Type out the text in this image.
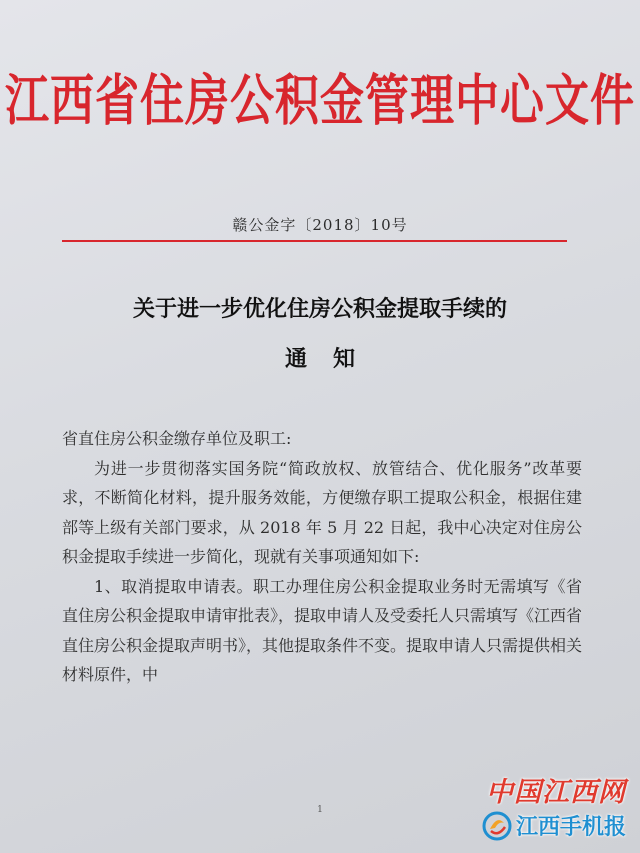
江西省住房公积金管理中心文件
赣公金字〔2018〕10号
关于进一步优化住房公积金提取手续的
通知

省直住房公积金缴存单位及职工:

为进一步贯彻落实国务院“简政放权、放管结合、优化服务”改革要求，不断简化材料，提升服务效能，方便缴存职工提取公积金，根据住建部等上级有关部门要求，从 2018 年 5 月 22 日起，我中心决定对住房公积金提取手续进一步简化，现就有关事项通知如下:

1、取消提取申请表。职工办理住房公积金提取业务时无需填写《省直住房公积金提取申请审批表》，提取申请人及受委托人只需填写《江西省直住房公积金提取声明书》，其他提取条件不变。提取申请人只需提供相关材料原件，中

1
中国江西网
江西手机报
